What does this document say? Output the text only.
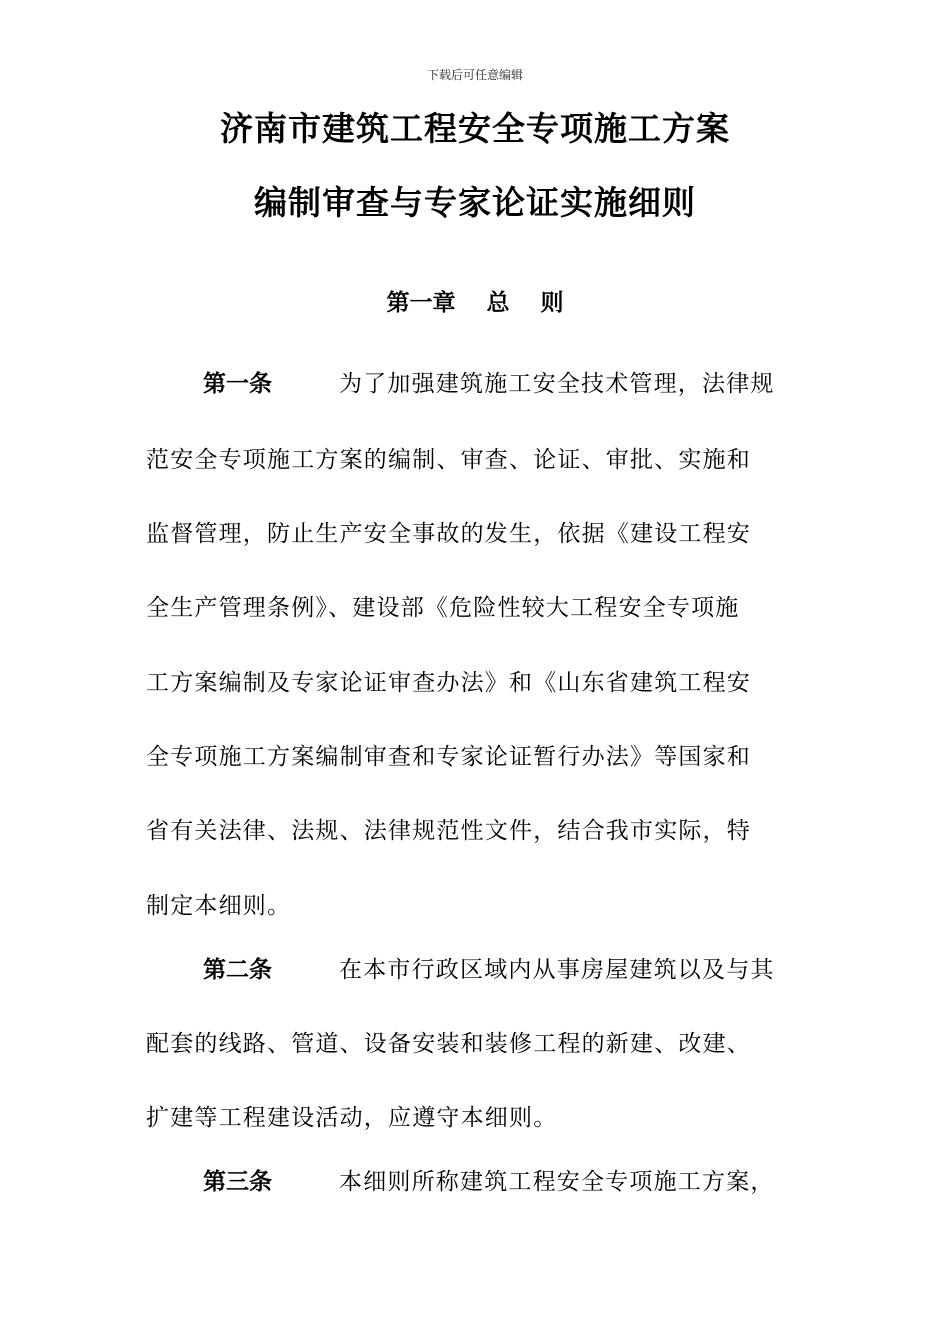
下载后可任意编辑
济南市建筑工程安全专项施工方案
编制审查与专家论证实施细则
第一章　 总　 则
第一条	为了加强建筑施工安全技术管理，法律规
范安全专项施工方案的编制、审查、论证、审批、实施和
监督管理，防止生产安全事故的发生，依据《建设工程安
全生产管理条例》、建设部《危险性较大工程安全专项施
工方案编制及专家论证审查办法》和《山东省建筑工程安
全专项施工方案编制审查和专家论证暂行办法》等国家和
省有关法律、法规、法律规范性文件，结合我市实际，特
制定本细则。
第二条	在本市行政区域内从事房屋建筑以及与其
配套的线路、管道、设备安装和装修工程的新建、改建、
扩建等工程建设活动，应遵守本细则。
第三条	本细则所称建筑工程安全专项施工方案，
